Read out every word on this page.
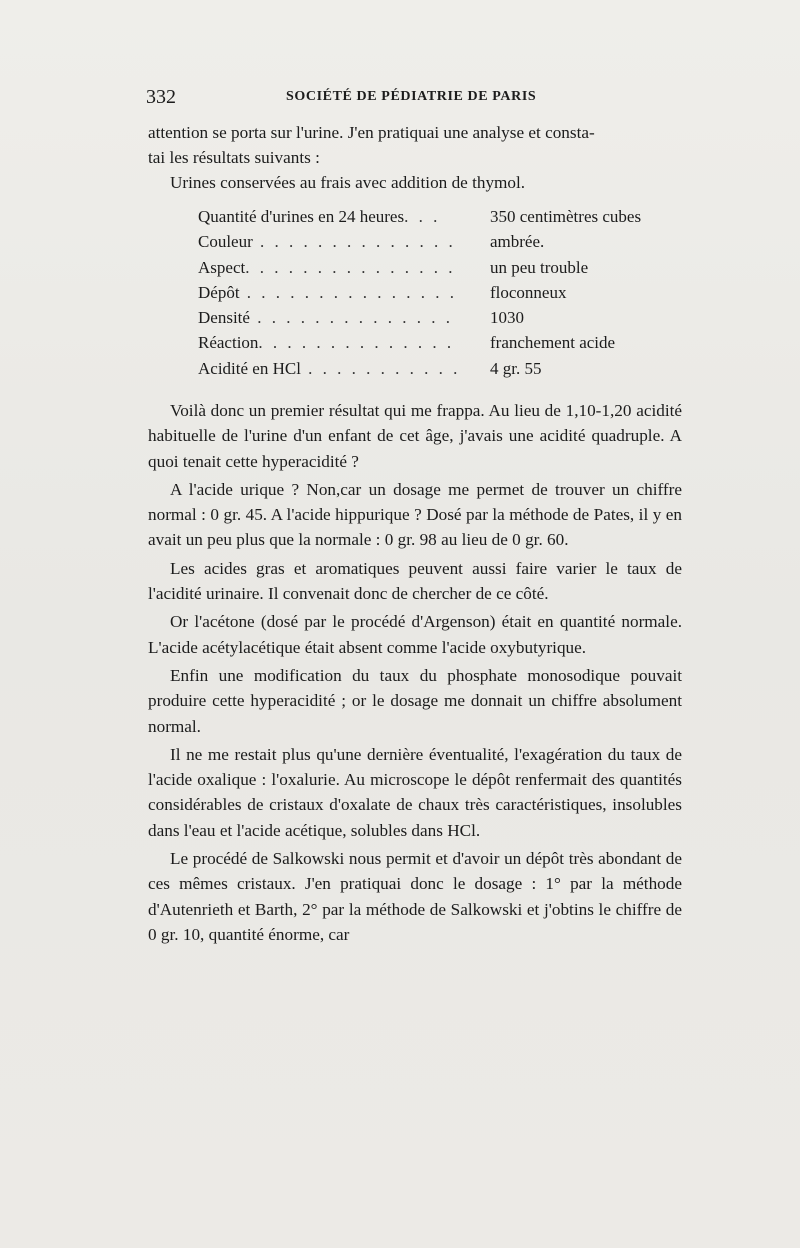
332	SOCIÉTÉ DE PÉDIATRIE DE PARIS

attention se porta sur l'urine. J'en pratiquai une analyse et consta-

tai les résultats suivants :

Urines conservées au frais avec addition de thymol.

Quantité d'urines en 24 heures. . .	350 centimètres cubes
Couleur . . . . . . . . . . . . . .	ambrée.
Aspect. . . . . . . . . . . . . . .	un peu trouble
Dépôt . . . . . . . . . . . . . . .	floconneux
Densité . . . . . . . . . . . . . .	1030
Réaction. . . . . . . . . . . . . .	franchement acide
Acidité en HCl . . . . . . . . . . .	4 gr. 55

Voilà donc un premier résultat qui me frappa. Au lieu de 1,10-1,20 acidité habituelle de l'urine d'un enfant de cet âge, j'avais une acidité quadruple. A quoi tenait cette hyperacidité ?

A l'acide urique ? Non,car un dosage me permet de trouver un chiffre normal : 0 gr. 45. A l'acide hippurique ? Dosé par la méthode de Pates, il y en avait un peu plus que la normale : 0 gr. 98 au lieu de 0 gr. 60.

Les acides gras et aromatiques peuvent aussi faire varier le taux de l'acidité urinaire. Il convenait donc de chercher de ce côté.

Or l'acétone (dosé par le procédé d'Argenson) était en quantité normale. L'acide acétylacétique était absent comme l'acide oxybutyrique.

Enfin une modification du taux du phosphate monosodique pouvait produire cette hyperacidité ; or le dosage me donnait un chiffre absolument normal.

Il ne me restait plus qu'une dernière éventualité, l'exagération du taux de l'acide oxalique : l'oxalurie. Au microscope le dépôt renfermait des quantités considérables de cristaux d'oxalate de chaux très caractéristiques, insolubles dans l'eau et l'acide acétique, solubles dans HCl.

Le procédé de Salkowski nous permit et d'avoir un dépôt très abondant de ces mêmes cristaux. J'en pratiquai donc le dosage : 1° par la méthode d'Autenrieth et Barth, 2° par la méthode de Salkowski et j'obtins le chiffre de 0 gr. 10, quantité énorme, car
